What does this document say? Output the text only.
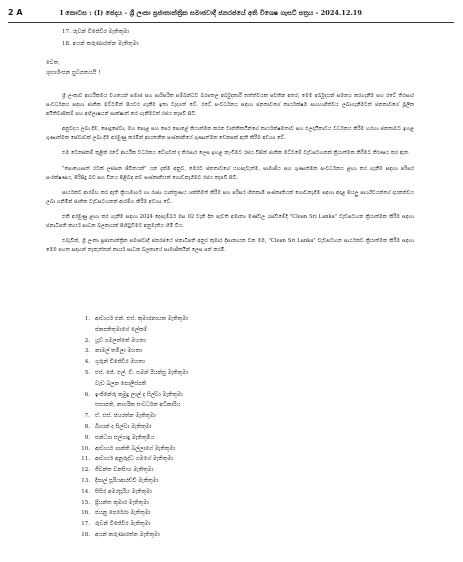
2 A	I කොටස : (I) ජෙදය - ශ්‍රී ලංකා ප්‍රජාතාන්ත්‍රික සමාජවාදී ජනරජයේ අති විශෙෂ ගැසට් පත්‍රය - 2024.12.19
17. රුවන් විජේවීර මැතිතුමා
18. අයන් කරුණාරත්න මැතිතුමා
වෙත,
ශුභාශිංසන සුවපතයයි !

ශ්‍රී ලංකාව ආර්ථිකමය වශයෙන් සමාජ සහ පාරිසරික සම්බන්ධව බරපතල අර්බුදකාරී තත්ත්වයක පවතින අතර, මෙම අර්බුදයන් සමනය කරගැනීම සහ රටේ තිරසාර සංවර්ධනය සඳහා ජාතික මට්ටමින් පියවර ගැනීම ඉතා වැදගත් වේ. රටේ සංවර්ධනය සඳහා ජනතාවගේ කාර්යක්ෂම සහභාගිත්වය ලබාගැනීමටත් ජනතාවගේ මූලික අයිතිවාසිකම් සහ අභිලාෂයන් සාක්ෂාත් කර ගැනීමටත් රජය කැපවී සිටී.

අනුවදය ලබා දීම, පොදුසේවා, මහ පොළ සහ පෙර පොළේ කියාත්මක කරන වෘත්තිකයින්ගේ කාර්යක්ෂමතාව සහ ඵලදායිතාවය වර්ධනය කිරීම හරහා ජනතාවට ඉහළ ගුණාත්මක සේවාවක් ලබා දීම අරමුණු කරමින් ආයතනික සංස්කෘතියේ ගුණාත්මක වෙනසක් ඇති කිරීම අවශ්‍ය වේ.

එම වෙනස්කම් තුළින් රටේ ආර්ථික වර්ධනය වේගවත් ද තිරසාර ලෙස ඉහළ නැංවීමට රජය විසින් ජාතික මට්ටමේ වැඩසටහනක් ක්‍රියාත්මක කිරීමට තීරණය කර ඇත.

"පොහොසත් රටක් ලස්සන ජීවිතයක්" යන දැක්ම අනුව, මෙරට ජනතාවගේ යහපැවැත්ම, සාමාජීය සහ ගුණාත්මක සංවර්ධනය ළඟා කර ගැනීම සඳහා පරිසර සංරක්ෂණය, පිරිසිදු බව සහ විනය පිළිබඳ නව සංස්කෘතියක් ගොඩනැගීමට රජය කැපවී සිටී.

සාර්ථකව ආරම්භ කර ඇති ක්‍රියාමාර්ග හා රාජ්‍ය යාන්ත්‍රණය ශක්තිමත් කිරීම සහ පරිසර හිතකාමී සංස්කෘතියක් ගොඩනැගීම සඳහා අදාළ සියලු පාර්ශ්වයන්ගේ දායකත්වය ලබා ගනිමින් ජාතික වැඩසටහනක් ආරම්භ කිරීම අවශ්‍ය වේ.

එකී අරමුණු ළඟා කර ගැනීම සඳහා 2024 දෙසැම්බර් මස 02 වැනි දින පැවති අමාත්‍ය මණ්ඩල රැස්වීමේදී "Clean Sri Lanka" වැඩසටහන ක්‍රියාත්මක කිරීම සඳහා ජනාධිපති කාර්ය සාධක බලකායක් පිහිටුවීමට අනුමැතිය හිමි විය.

එබැවින්, ශ්‍රී ලංකා ප්‍රජාතාන්ත්‍රික සමාජවාදී ජනරජයේ ජනාධිපති අනුර කුමාර දිසානායක වන මම, "Clean Sri Lanka" වැඩසටහන සාර්ථකව ක්‍රියාත්මක කිරීම සඳහා මෙම පහත සඳහන් තැනැත්තන් කාර්ය සාධක බලකායේ සාමාජිකයින් ලෙස පත් කරමි.

1. ආචාර්ය එන්. එස්. කුමාරනායක මැතිතුමා
ජනපතිතුමාගේ ලේකම්
2. යූට් ගමලත්තේ මහතා
3. නාමල් තමිලා මහතා
4. ගුරුන් විජේවීර මහතා
5. එස්. ජේ. එල්. ඩී. සමන් රියන්සු මැතිතුමා
වැඩ බලන පොලිස්පති
6. ඉංජිනේරු කුමුදු ලාල් ද සිල්වා මැතිතුමා
සභාපති, නාගරික සංවර්ධන අධිකාරිය
7. ඒ. එස්. ජයරත්න මැතිතුමා
8. බිහාන් ද සිල්වා මැතිතුමා
9. සන්ධ්‍යා සල්ගාදු මැතිතුමිය
10. ආචාර්ය ශාන්ති බල්ලාගේ මැතිතුමා
11. ආචාර්ය අනුරුද්ධ ගමගේ මැතිතුමා
12. ජීවන්ත වනසිංහ මැතිතුමා
13. දීපාල් සූරියආරච්චි මැතිතුමා
14. සිසිර අමරසූරිය මැතිතුමා
15. ප්‍රියන්ත කුමාර මැතිතුමා
16. ජයනු පෙරේරා මැතිතුමා
17. රුවන් විජේවීර මැතිතුමා
18. අයන් කරුණාරත්න මැතිතුමා
